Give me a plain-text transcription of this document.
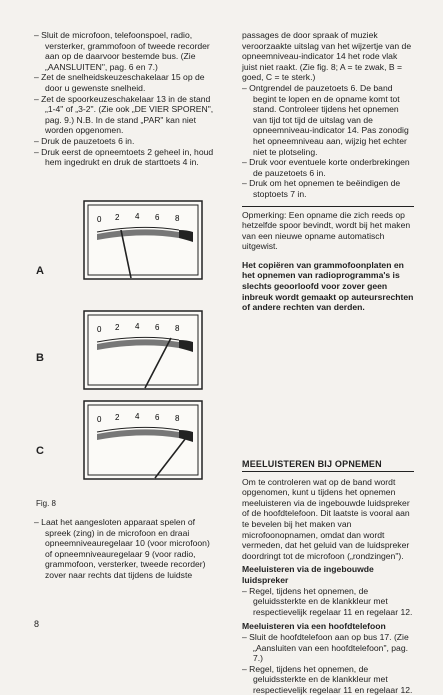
– Sluit de microfoon, telefoonspoel, radio, versterker, grammofoon of tweede recorder aan op de daarvoor bestemde bus. (Zie „AANSLUITEN", pag. 6 en 7.)

– Zet de snelheidskeuzeschakelaar 15 op de door u gewenste snelheid.

– Zet de spoorkeuzeschakelaar 13 in de stand „1-4" of „3-2". (Zie ook „DE VIER SPOREN", pag. 9.) N.B. In de stand „PAR" kan niet worden opgenomen.

– Druk de pauzetoets 6 in.

– Druk eerst de opneemtoets 2 geheel in, houd hem ingedrukt en druk de starttoets 4 in.

0 2 4 6 8
A
0 2 4 6 8
B
0 2 4 6 8
C
Fig. 8

– Laat het aangesloten apparaat spelen of spreek (zing) in de microfoon en draai opneemniveauregelaar 10 (voor microfoon) of opneemniveauregelaar 9 (voor radio, grammofoon, versterker, tweede recorder) zover naar rechts dat tijdens de luidste

8

passages de door spraak of muziek veroorzaakte uitslag van het wijzertje van de opneemniveau-indicator 14 het rode vlak juist niet raakt. (Zie fig. 8; A = te zwak, B = goed, C = te sterk.)

– Ontgrendel de pauzetoets 6. De band begint te lopen en de opname komt tot stand. Controleer tijdens het opnemen van tijd tot tijd de uitslag van de opneemniveau-indicator 14. Pas zonodig het opneemniveau aan, wijzig het echter niet te plotseling.

– Druk voor eventuele korte onderbrekingen de pauzetoets 6 in.

– Druk om het opnemen te beëindigen de stoptoets 7 in.

Opmerking: Een opname die zich reeds op hetzelfde spoor bevindt, wordt bij het maken van een nieuwe opname automatisch uitgewist.

Het copiëren van grammofoonplaten en het opnemen van radioprogramma's is slechts geoorloofd voor zover geen inbreuk wordt gemaakt op auteursrechten of andere rechten van derden.

MEELUISTEREN BIJ OPNEMEN

Om te controleren wat op de band wordt opgenomen, kunt u tijdens het opnemen meeluisteren via de ingebouwde luidspreker of de hoofdtelefoon. Dit laatste is vooral aan te bevelen bij het maken van microfoonopnamen, omdat dan wordt vermeden, dat het geluid van de luidspreker doordringt tot de microfoon („rondzingen").

Meeluisteren via de ingebouwde luidspreker

– Regel, tijdens het opnemen, de geluidssterkte en de klankkleur met respectievelijk regelaar 11 en regelaar 12.

Meeluisteren via een hoofdtelefoon

– Sluit de hoofdtelefoon aan op bus 17. (Zie „Aansluiten van een hoofdtelefoon", pag. 7.)

– Regel, tijdens het opnemen, de geluidssterkte en de klankkleur met respectievelijk regelaar 11 en regelaar 12.
